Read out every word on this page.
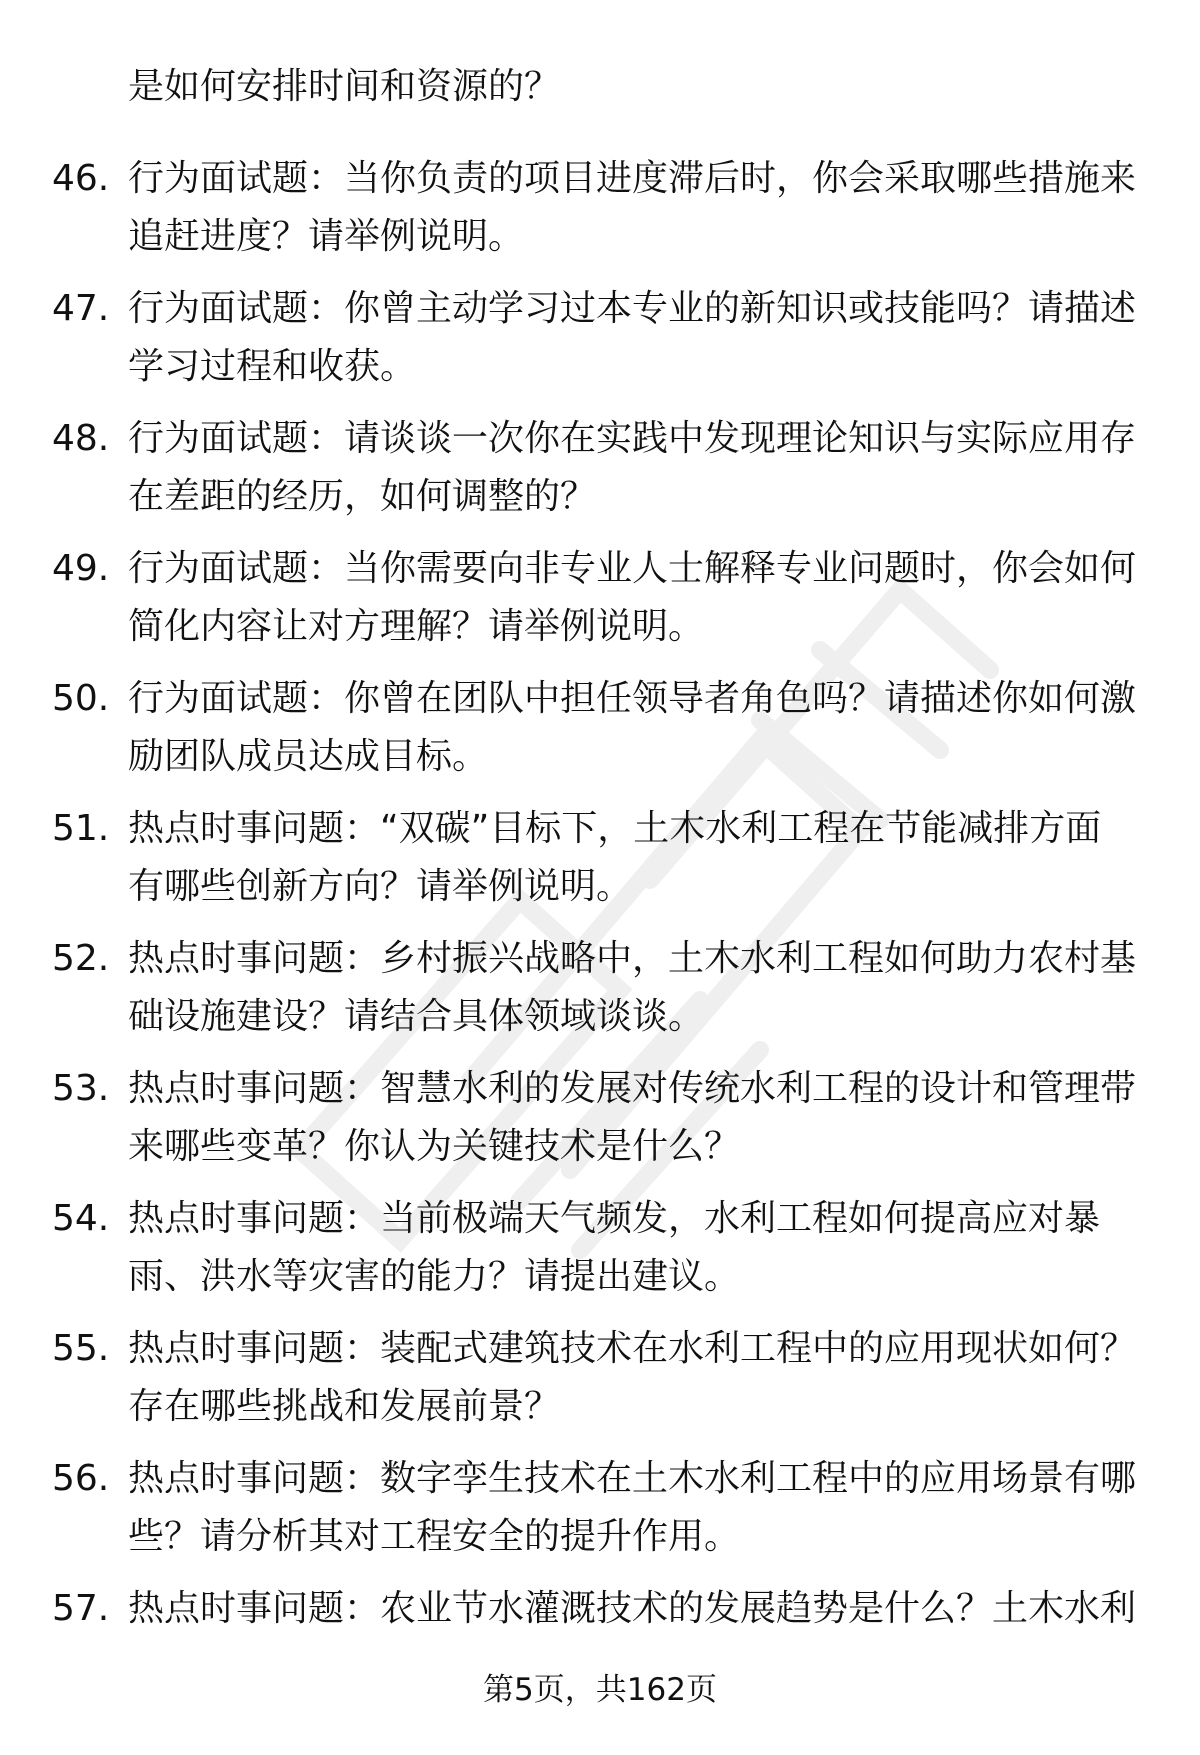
是如何安排时间和资源的？
46. 行为面试题：当你负责的项目进度滞后时，你会采取哪些措施来
追赶进度？请举例说明。
47. 行为面试题：你曾主动学习过本专业的新知识或技能吗？请描述
学习过程和收获。
48. 行为面试题：请谈谈一次你在实践中发现理论知识与实际应用存
在差距的经历，如何调整的？
49. 行为面试题：当你需要向非专业人士解释专业问题时，你会如何
简化内容让对方理解？请举例说明。
50. 行为面试题：你曾在团队中担任领导者角色吗？请描述你如何激
励团队成员达成目标。
51. 热点时事问题：“双碳”目标下，土木水利工程在节能减排方面
有哪些创新方向？请举例说明。
52. 热点时事问题：乡村振兴战略中，土木水利工程如何助力农村基
础设施建设？请结合具体领域谈谈。
53. 热点时事问题：智慧水利的发展对传统水利工程的设计和管理带
来哪些变革？你认为关键技术是什么？
54. 热点时事问题：当前极端天气频发，水利工程如何提高应对暴
雨、洪水等灾害的能力？请提出建议。
55. 热点时事问题：装配式建筑技术在水利工程中的应用现状如何？
存在哪些挑战和发展前景？
56. 热点时事问题：数字孪生技术在土木水利工程中的应用场景有哪
些？请分析其对工程安全的提升作用。
57. 热点时事问题：农业节水灌溉技术的发展趋势是什么？土木水利
第5页，共162页
